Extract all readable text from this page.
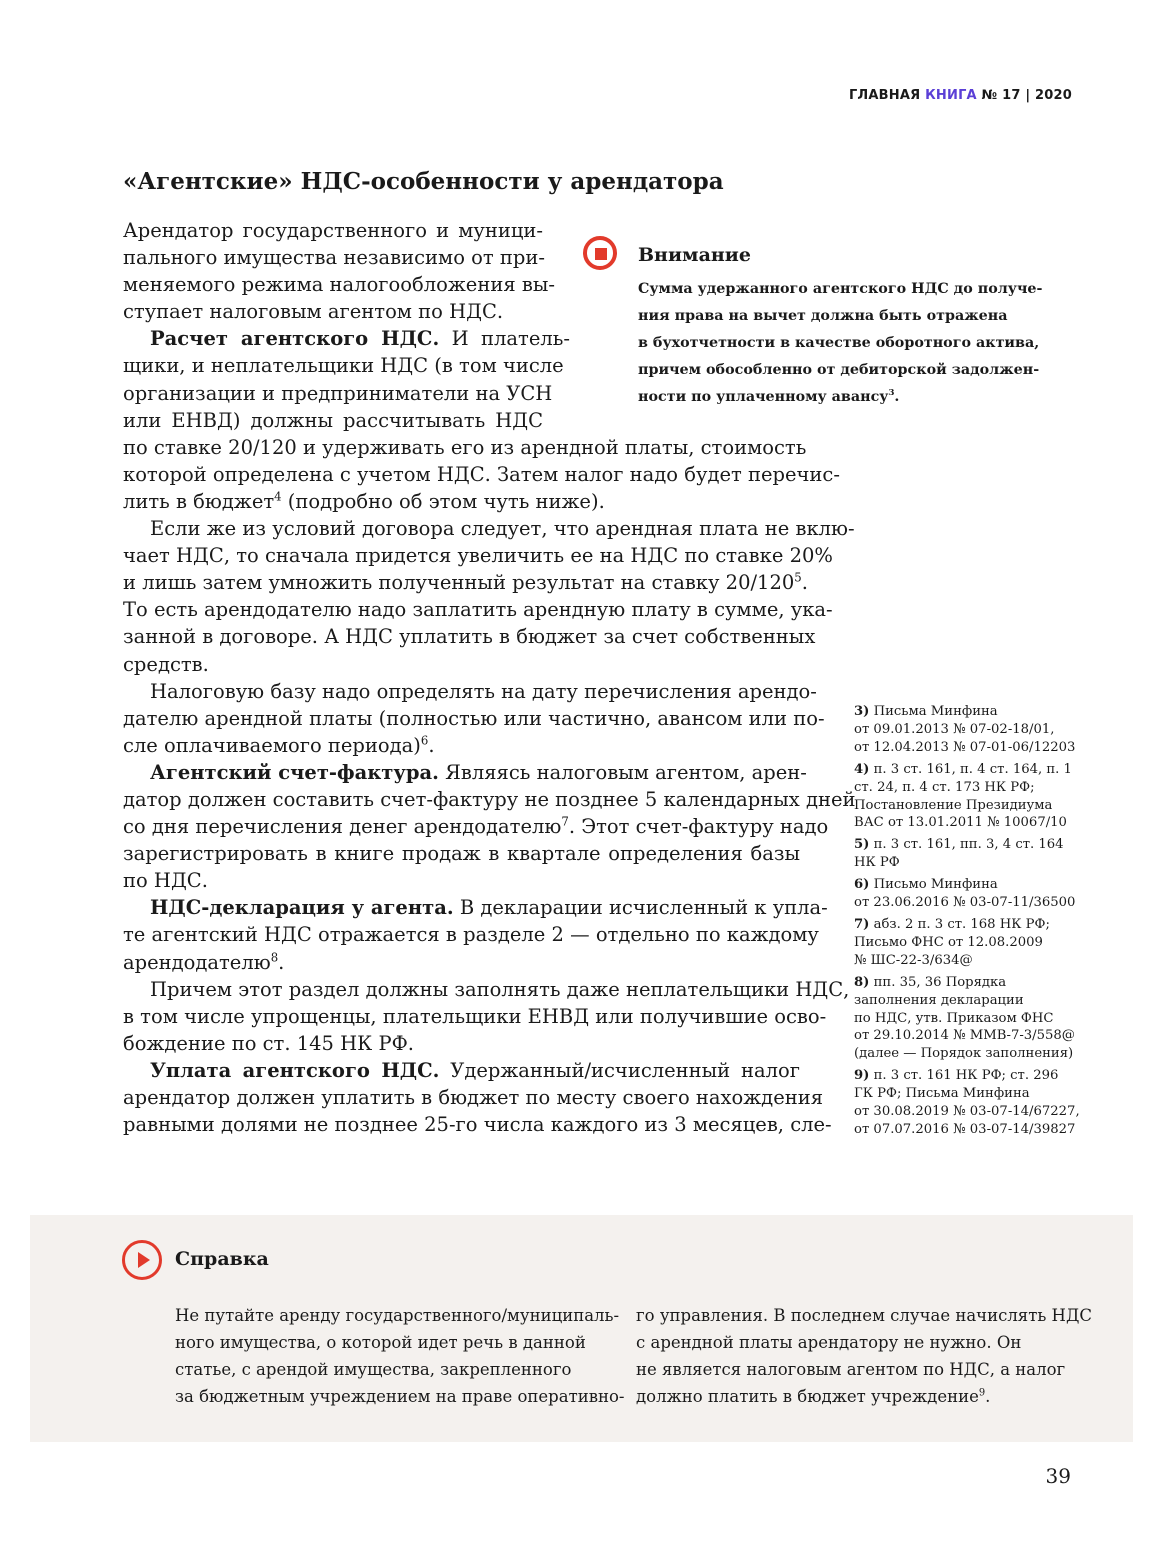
ГЛАВНАЯ КНИГА № 17 | 2020
«Агентские» НДС-особенности у арендатора
Арендатор государственного и муници-
пального имущества независимо от при-
меняемого режима налогообложения вы-
ступает налоговым агентом по НДС.
Расчет агентского НДС. И платель-
щики, и неплательщики НДС (в том числе
организации и предприниматели на УСН
или ЕНВД) должны рассчитывать НДС
по ставке 20/120 и удерживать его из арендной платы, стоимость
которой определена с учетом НДС. Затем налог надо будет перечис-
лить в бюджет$^4$ (подробно об этом чуть ниже).
Если же из условий договора следует, что арендная плата не вклю-
чает НДС, то сначала придется увеличить ее на НДС по ставке 20%
и лишь затем умножить полученный результат на ставку $20/120^5$.
То есть арендодателю надо заплатить арендную плату в сумме, ука-
занной в договоре. А НДС уплатить в бюджет за счет собственных
средств.
Налоговую базу надо определять на дату перечисления арендо-
дателю арендной платы (полностью или частично, авансом или по-
сле оплачиваемого периода)$^6$.
Агентский счет-фактура. Являясь налоговым агентом, арен-
датор должен составить счет-фактуру не позднее 5 календарных дней
со дня перечисления денег арендодателю$^7$. Этот счет-фактуру надо
зарегистрировать в книге продаж в квартале определения базы
по НДС.
НДС-декларация у агента. В декларации исчисленный к упла-
те агентский НДС отражается в разделе 2 — отдельно по каждому
арендодателю$^8$.
Причем этот раздел должны заполнять даже неплательщики НДС,
в том числе упрощенцы, плательщики ЕНВД или получившие осво-
бождение по ст. 145 НК РФ.
Уплата агентского НДС. Удержанный/исчисленный налог
арендатор должен уплатить в бюджет по месту своего нахождения
равными долями не позднее 25-го числа каждого из 3 месяцев, сле-
Внимание
Сумма удержанного агентского НДС до получе-
ния права на вычет должна быть отражена
в бухотчетности в качестве оборотного актива,
причем обособленно от дебиторской задолжен-
ности по уплаченному авансу$^3$.
3) Письма Минфина
от 09.01.2013 № 07-02-18/01,
от 12.04.2013 № 07-01-06/12203
4) п. 3 ст. 161, п. 4 ст. 164, п. 1
ст. 24, п. 4 ст. 173 НК РФ;
Постановление Президиума
ВАС от 13.01.2011 № 10067/10
5) п. 3 ст. 161, пп. 3, 4 ст. 164
НК РФ
6) Письмо Минфина
от 23.06.2016 № 03-07-11/36500
7) абз. 2 п. 3 ст. 168 НК РФ;
Письмо ФНС от 12.08.2009
№ ШС-22-3/634@
8) пп. 35, 36 Порядка
заполнения декларации
по НДС, утв. Приказом ФНС
от 29.10.2014 № ММВ-7-3/558@
(далее — Порядок заполнения)
9) п. 3 ст. 161 НК РФ; ст. 296
ГК РФ; Письма Минфина
от 30.08.2019 № 03-07-14/67227,
от 07.07.2016 № 03-07-14/39827
Справка
Не путайте аренду государственного/муниципаль-
ного имущества, о которой идет речь в данной
статье, с арендой имущества, закрепленного
за бюджетным учреждением на праве оперативно-
го управления. В последнем случае начислять НДС
с арендной платы арендатору не нужно. Он
не является налоговым агентом по НДС, а налог
должно платить в бюджет учреждение$^9$.
39
